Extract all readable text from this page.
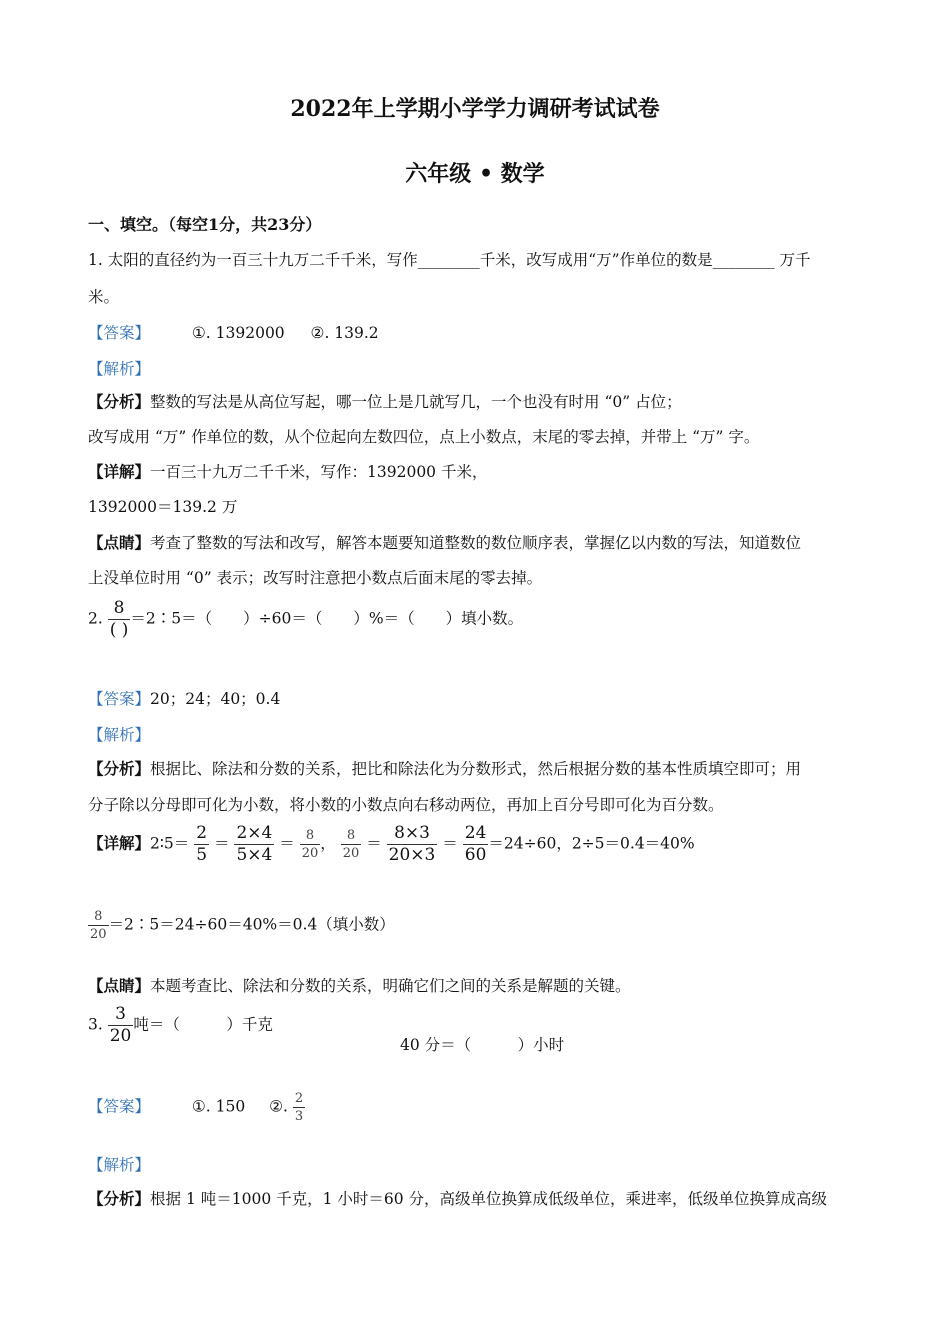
2022年上学期小学学力调研考试试卷
六年级 • 数学
一、填空。（每空1分，共23分）
1. 太阳的直径约为一百三十九万二千千米，写作________千米，改写成用“万”作单位的数是________ 万千
米。
【答案】	①. 1392000 ②. 139.2
【解析】
【分析】整数的写法是从高位写起，哪一位上是几就写几，一个也没有时用 “0” 占位；
改写成用 “万” 作单位的数，从个位起向左数四位，点上小数点，末尾的零去掉，并带上 “万” 字。
【详解】一百三十九万二千千米，写作：1392000 千米，
1392000＝139.2 万
【点睛】考查了整数的写法和改写，解答本题要知道整数的数位顺序表，掌握亿以内数的写法，知道数位
上没单位时用 “0” 表示；改写时注意把小数点后面末尾的零去掉。
2. $\frac{8}{( )}$ ＝2∶5＝（　　）÷60＝（　　）%＝（　　）填小数。
【答案】20；24；40；0.4
【解析】
【分析】根据比、除法和分数的关系，把比和除法化为分数形式，然后根据分数的基本性质填空即可；用
分子除以分母即可化为小数，将小数的小数点向右移动两位，再加上百分号即可化为百分数。
【详解】2∶5＝ $\frac{2}{5} = \frac{2\times 4}{5\times 4} = \frac{8}{20}$ ， $\frac{8}{20} = \frac{8\times 3}{20\times 3} = \frac{24}{60} =24\div 60$，2÷5＝0.4＝40%
$\frac{8}{20}$ ＝2∶5＝24÷60＝40%＝0.4（填小数）
【点睛】本题考查比、除法和分数的关系，明确它们之间的关系是解题的关键。
3. $\frac{3}{20}$ 吨＝（　　　）千克
40 分＝（　　　）小时
【答案】	①. 150 ②. $\frac{2}{3}$
【解析】
【分析】根据 1 吨＝1000 千克，1 小时＝60 分，高级单位换算成低级单位，乘进率，低级单位换算成高级
